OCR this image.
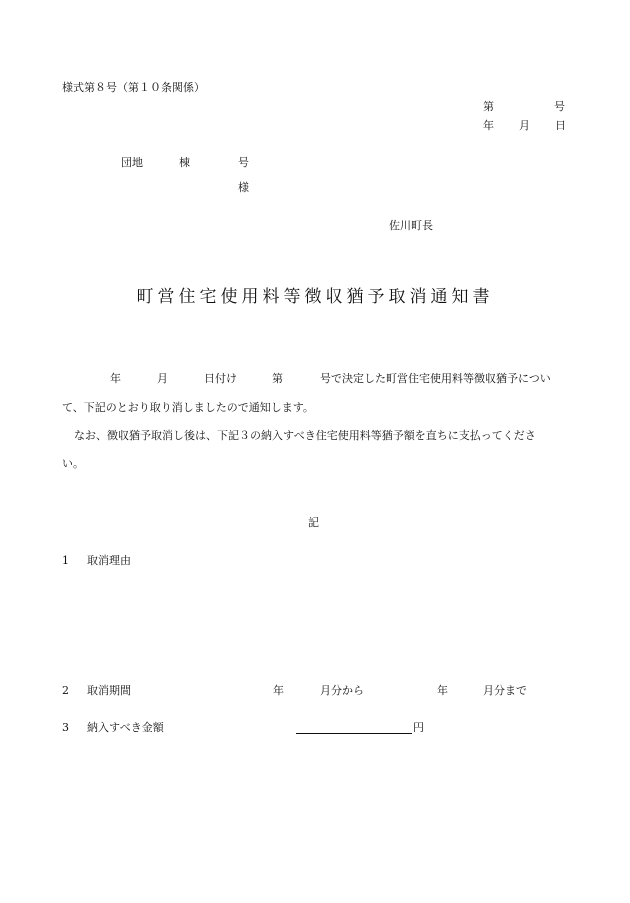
様式第８号（第１０条関係）
第	号
年 月 日
団地	棟	号
様
佐川町長
町営住宅使用料等徴収猶予取消通知書
年	月	日付け	第	号で決定した町営住宅使用料等徴収猶予につい
て、下記のとおり取り消しましたので通知します。
なお、徴収猶予取消し後は、下記３の納入すべき住宅使用料等猶予額を直ちに支払ってくださ
い。
記
1 取消理由
2 取消期間	年	月分から	年	月分まで
3 納入すべき金額	円
